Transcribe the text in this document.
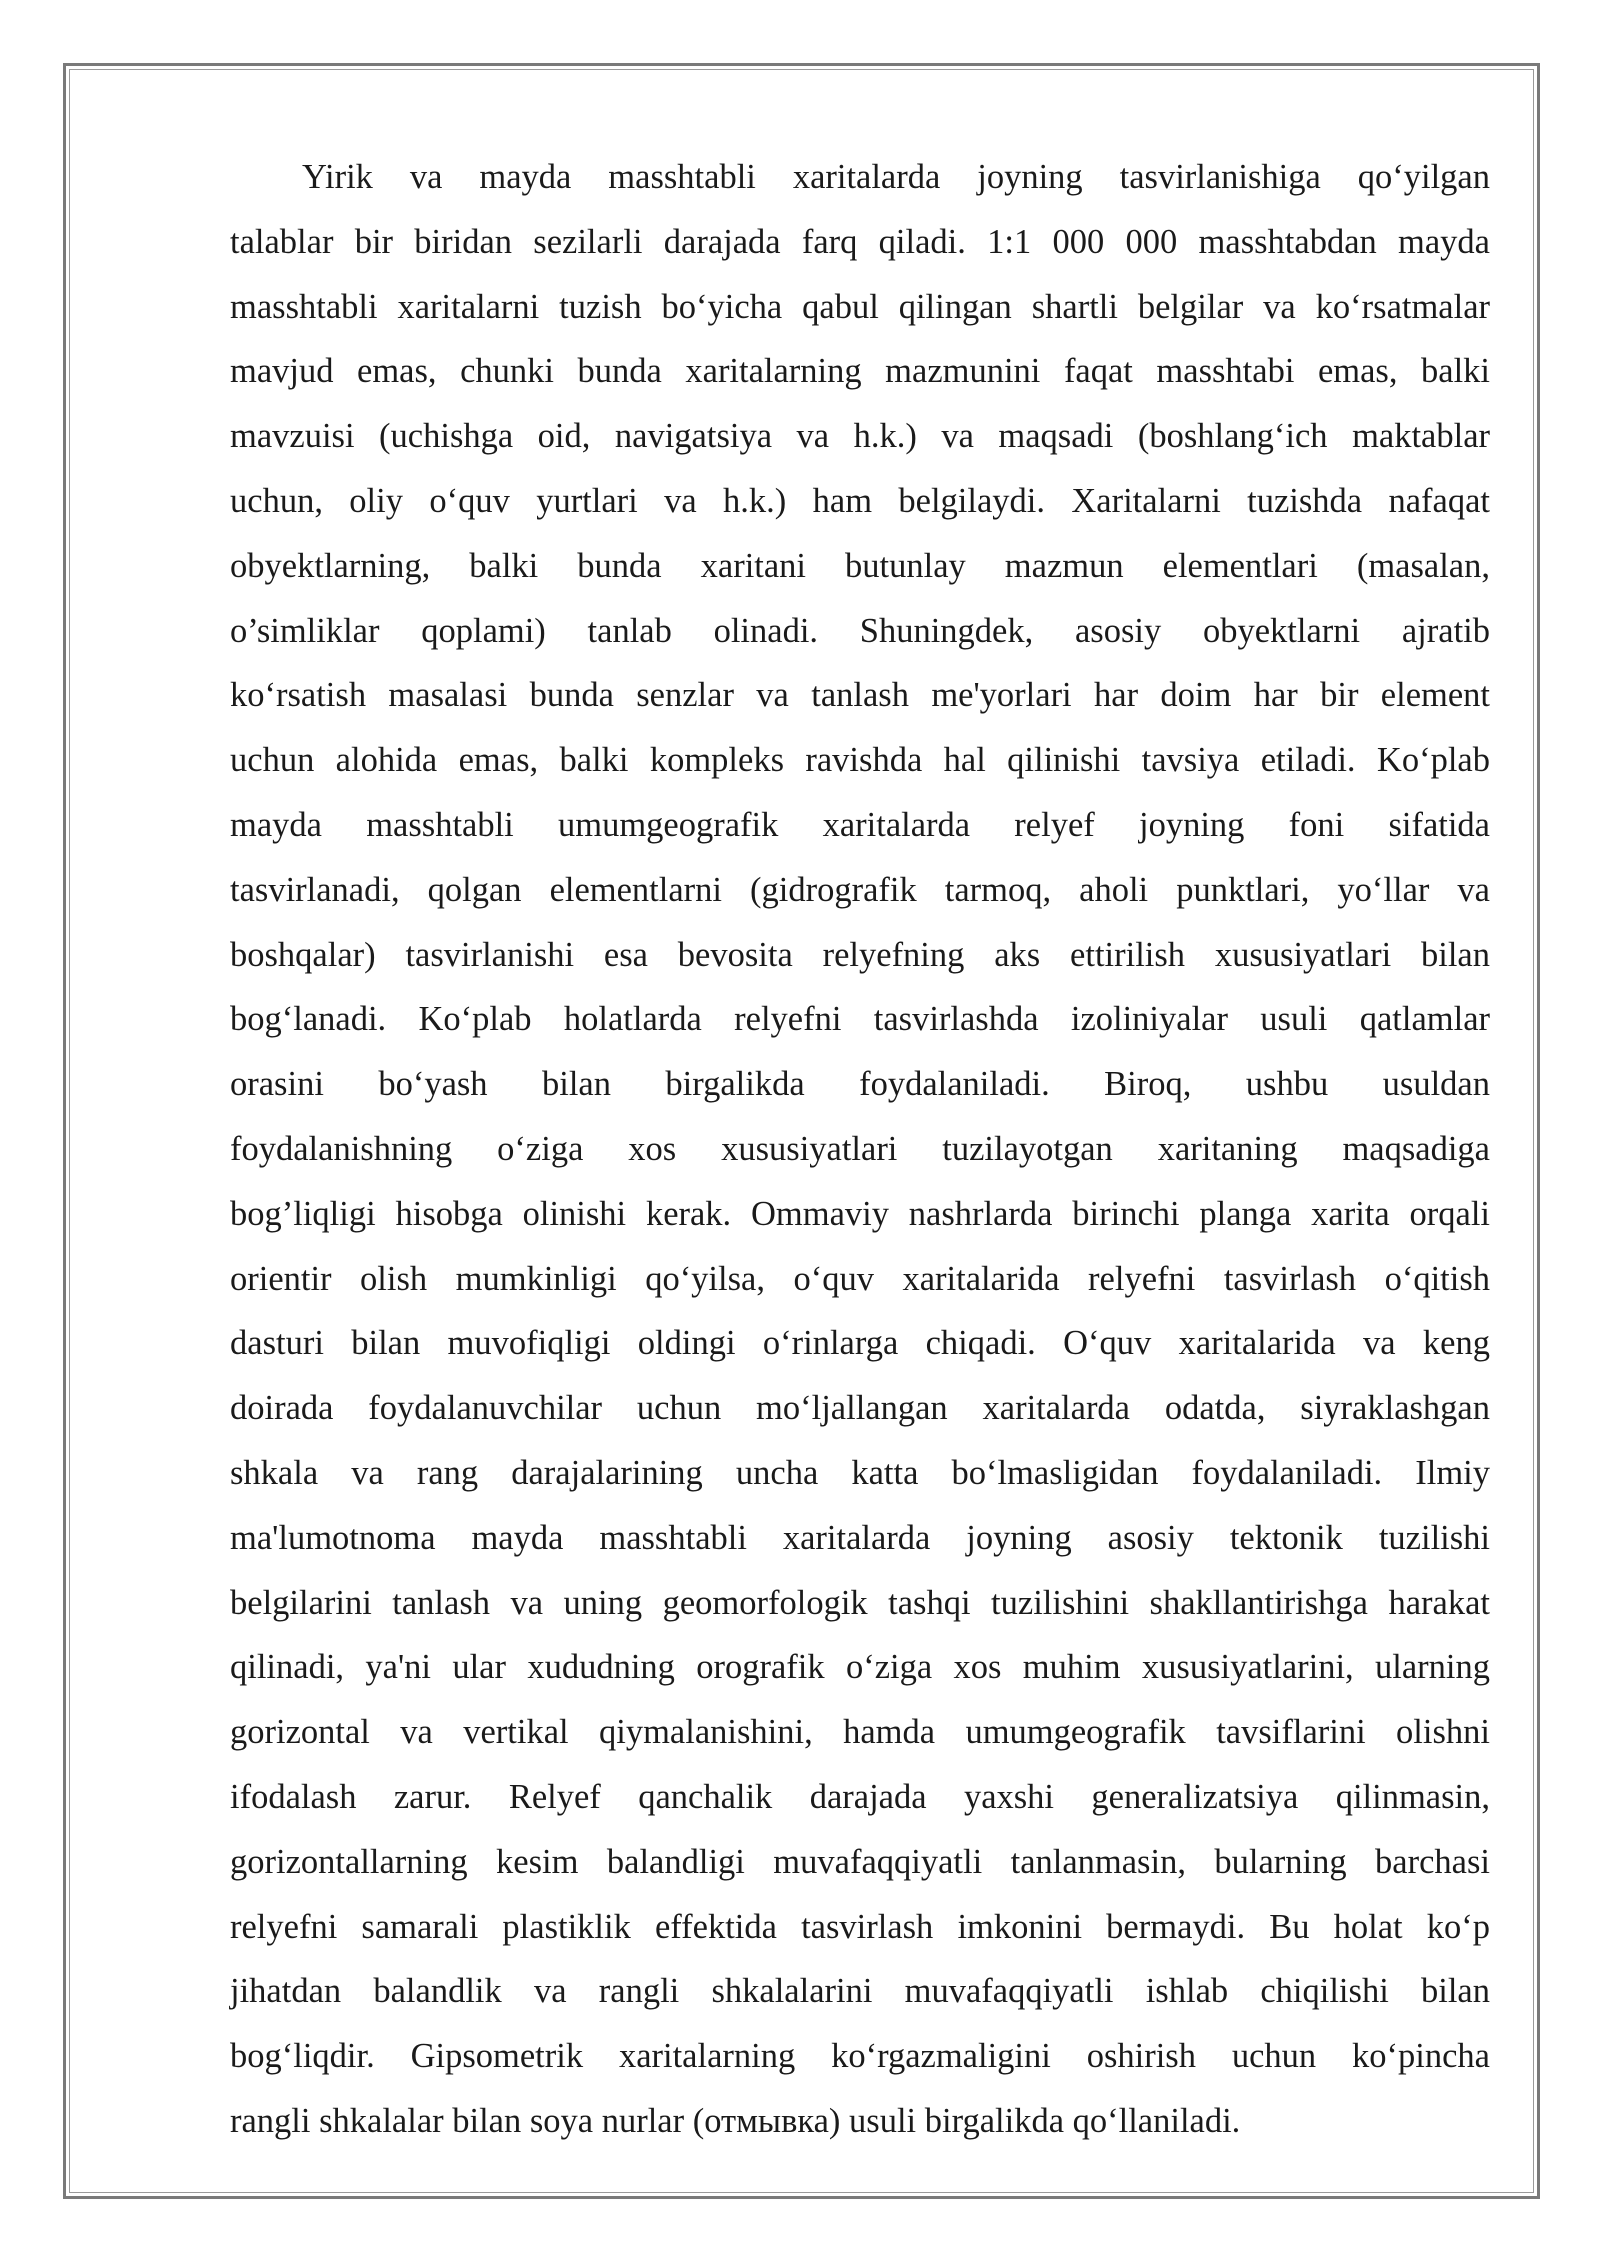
Yirik va mayda masshtabli xaritalarda joyning tasvirlanishiga qo‘yilgan
talablar bir biridan sezilarli darajada farq qiladi. 1:1 000 000 masshtabdan mayda
masshtabli xaritalarni tuzish bo‘yicha qabul qilingan shartli belgilar va ko‘rsatmalar
mavjud emas, chunki bunda xaritalarning mazmunini faqat masshtabi emas, balki
mavzuisi (uchishga oid, navigatsiya va h.k.) va maqsadi (boshlang‘ich maktablar
uchun, oliy o‘quv yurtlari va h.k.) ham belgilaydi. Xaritalarni tuzishda nafaqat
obyektlarning, balki bunda xaritani butunlay mazmun elementlari (masalan,
o’simliklar qoplami) tanlab olinadi. Shuningdek, asosiy obyektlarni ajratib
ko‘rsatish masalasi bunda senzlar va tanlash me'yorlari har doim har bir element
uchun alohida emas, balki kompleks ravishda hal qilinishi tavsiya etiladi. Ko‘plab
mayda masshtabli umumgeografik xaritalarda relyef joyning foni sifatida
tasvirlanadi, qolgan elementlarni (gidrografik tarmoq, aholi punktlari, yo‘llar va
boshqalar) tasvirlanishi esa bevosita relyefning aks ettirilish xususiyatlari bilan
bog‘lanadi. Ko‘plab holatlarda relyefni tasvirlashda izoliniyalar usuli qatlamlar
orasini bo‘yash bilan birgalikda foydalaniladi. Biroq, ushbu usuldan
foydalanishning o‘ziga xos xususiyatlari tuzilayotgan xaritaning maqsadiga
bog’liqligi hisobga olinishi kerak. Ommaviy nashrlarda birinchi planga xarita orqali
orientir olish mumkinligi qo‘yilsa, o‘quv xaritalarida relyefni tasvirlash o‘qitish
dasturi bilan muvofiqligi oldingi o‘rinlarga chiqadi. O‘quv xaritalarida va keng
doirada foydalanuvchilar uchun mo‘ljallangan xaritalarda odatda, siyraklashgan
shkala va rang darajalarining uncha katta bo‘lmasligidan foydalaniladi. Ilmiy
ma'lumotnoma mayda masshtabli xaritalarda joyning asosiy tektonik tuzilishi
belgilarini tanlash va uning geomorfologik tashqi tuzilishini shakllantirishga harakat
qilinadi, ya'ni ular xududning orografik o‘ziga xos muhim xususiyatlarini, ularning
gorizontal va vertikal qiymalanishini, hamda umumgeografik tavsiflarini olishni
ifodalash zarur. Relyef qanchalik darajada yaxshi generalizatsiya qilinmasin,
gorizontallarning kesim balandligi muvafaqqiyatli tanlanmasin, bularning barchasi
relyefni samarali plastiklik effektida tasvirlash imkonini bermaydi. Bu holat ko‘p
jihatdan balandlik va rangli shkalalarini muvafaqqiyatli ishlab chiqilishi bilan
bog‘liqdir. Gipsometrik xaritalarning ko‘rgazmaligini oshirish uchun ko‘pincha
rangli shkalalar bilan soya nurlar (отмывка) usuli birgalikda qo‘llaniladi.
